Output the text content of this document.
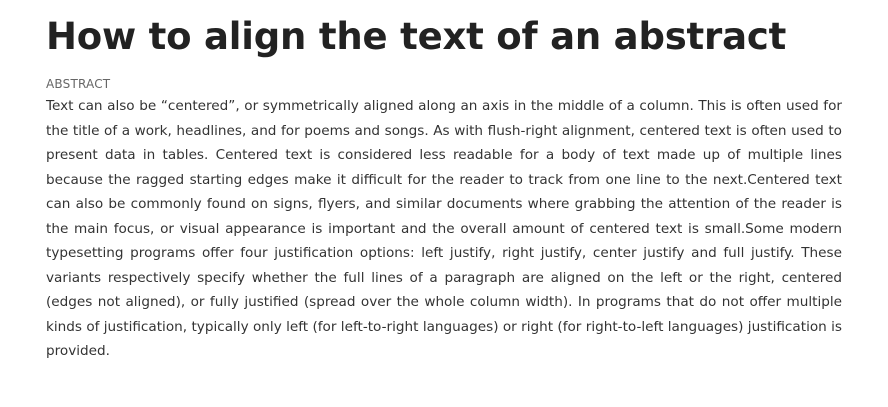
How to align the text of an abstract
ABSTRACT

Text can also be “centered”, or symmetrically aligned along an axis in the middle of a column. This is often used for the title of a work, headlines, and for poems and songs. As with flush-right alignment, centered text is often used to present data in tables. Centered text is considered less readable for a body of text made up of multiple lines because the ragged starting edges make it difficult for the reader to track from one line to the next.Centered text can also be commonly found on signs, flyers, and similar documents where grabbing the attention of the reader is the main focus, or visual appearance is important and the overall amount of centered text is small.Some modern typesetting programs offer four justification options: left justify, right justify, center justify and full justify. These variants respectively specify whether the full lines of a paragraph are aligned on the left or the right, centered (edges not aligned), or fully justified (spread over the whole column width). In programs that do not offer multiple kinds of justification, typically only left (for left-to-right languages) or right (for right-to-left languages) justification is provided.
